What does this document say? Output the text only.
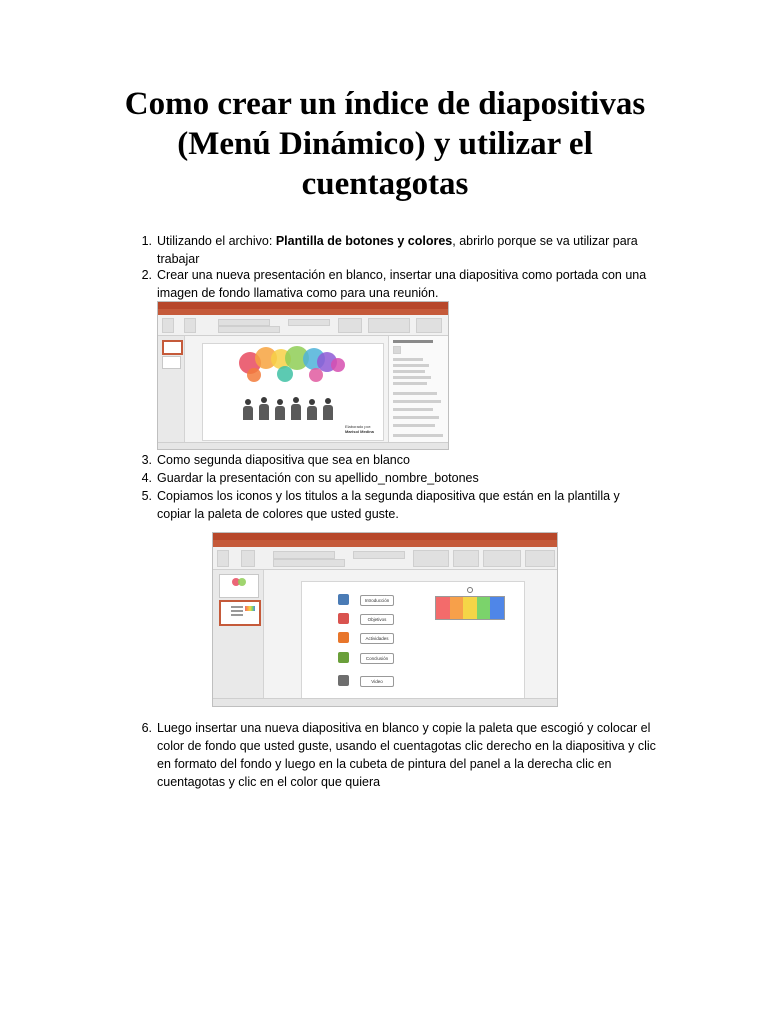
Como crear un índice de diapositivas (Menú Dinámico) y utilizar el cuentagotas
1. Utilizando el archivo: Plantilla de botones y colores, abrirlo porque se va utilizar para trabajar
2. Crear una nueva presentación en blanco, insertar una diapositiva como portada con una imagen de fondo llamativa como para una reunión.
3. Como segunda diapositiva que sea en blanco
4. Guardar la presentación con su apellido_nombre_botones
5. Copiamos los iconos y los titulos a la segunda diapositiva que están en la plantilla y copiar la paleta de colores que usted guste.
6. Luego insertar una nueva diapositiva en blanco y copie la paleta que escogió y colocar el color de fondo que usted guste, usando el cuentagotas clic derecho en la diapositiva y clic en formato del fondo y luego en la cubeta de pintura del panel a la derecha clic en cuentagotas y clic en el color que quiera
Elaborado por:
Marisol Medina
Introducción
Objetivos
Actividades
Conclusión
Video
